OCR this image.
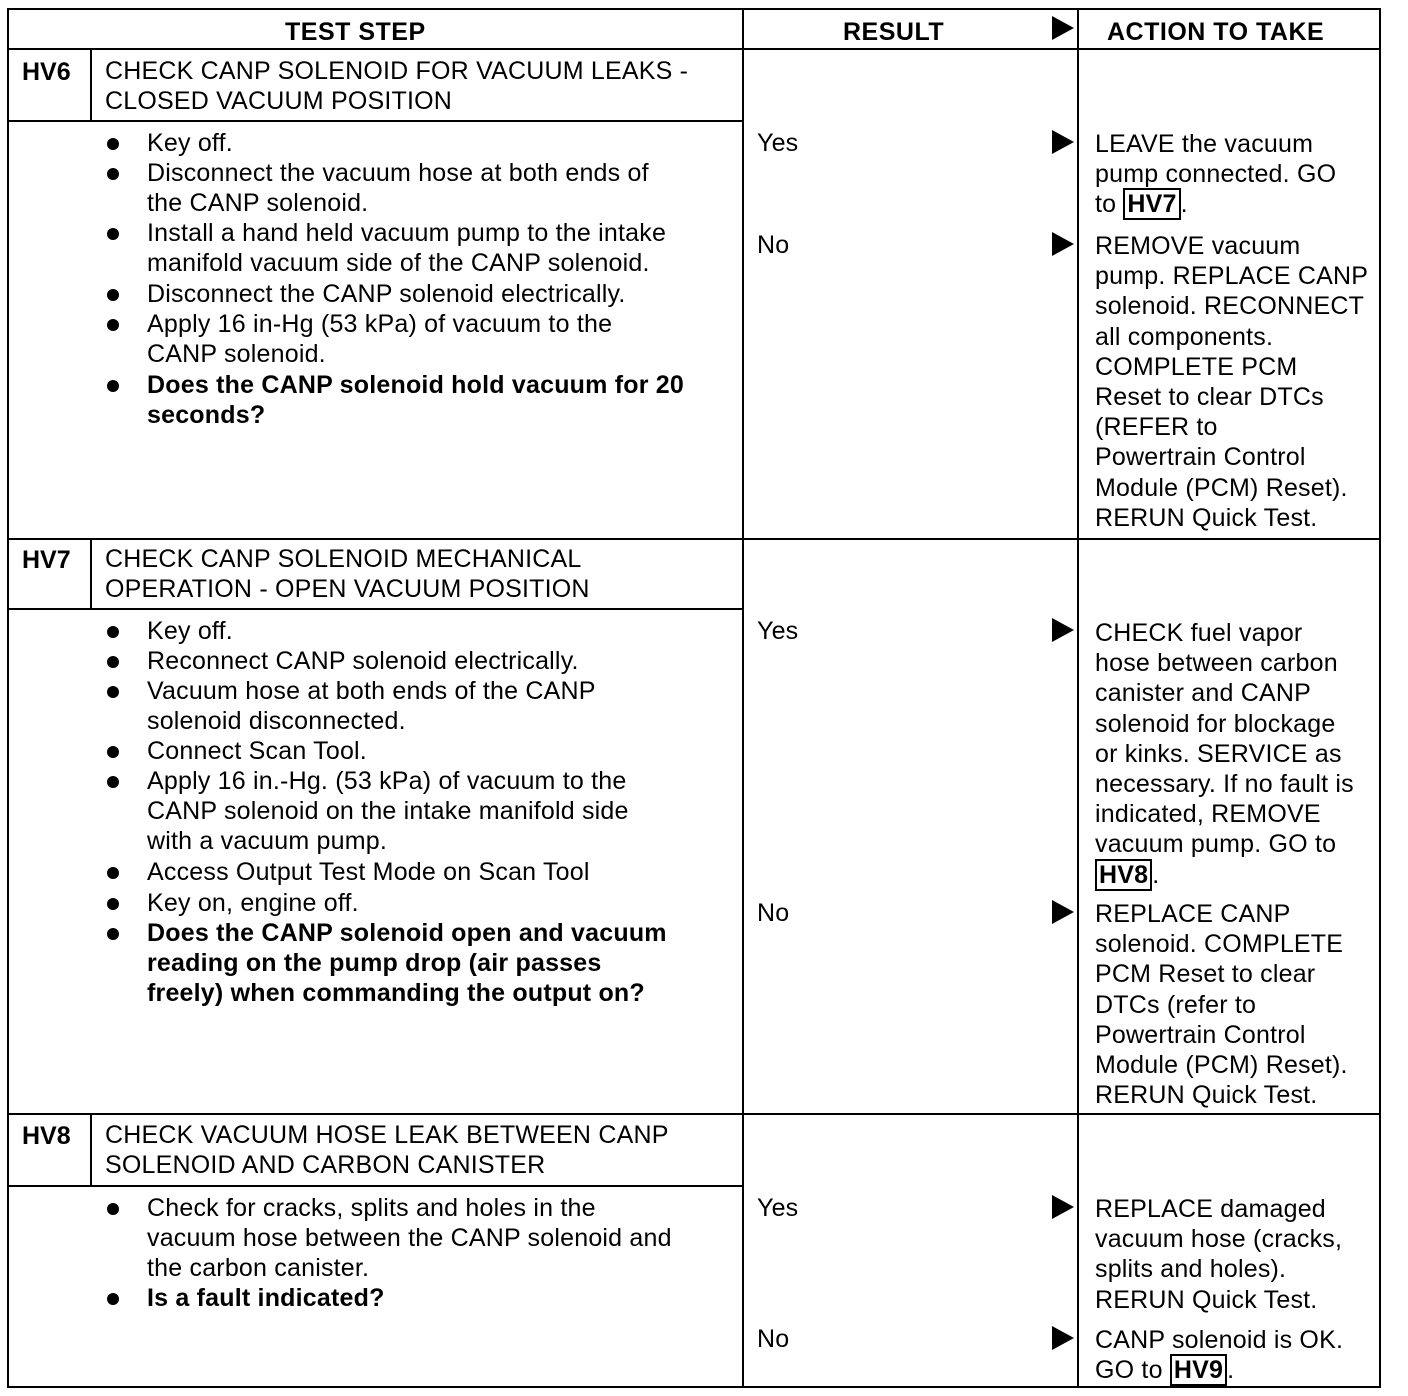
TEST STEP	RESULT	ACTION TO TAKE
HV6 CHECK CANP SOLENOID FOR VACUUM LEAKS -
CLOSED VACUUM POSITION
Key off.
Disconnect the vacuum hose at both ends of
the CANP solenoid.
Install a hand held vacuum pump to the intake
manifold vacuum side of the CANP solenoid.
Disconnect the CANP solenoid electrically.
Apply 16 in-Hg (53 kPa) of vacuum to the
CANP solenoid.
Does the CANP solenoid hold vacuum for 20
seconds?
Yes	LEAVE the vacuum
pump connected. GO
to HV7 .
No	REMOVE vacuum
pump. REPLACE CANP
solenoid. RECONNECT
all components.
COMPLETE PCM
Reset to clear DTCs
(REFER to
Powertrain Control
Module (PCM) Reset).
RERUN Quick Test.
HV7 CHECK CANP SOLENOID MECHANICAL
OPERATION - OPEN VACUUM POSITION
Key off.
Reconnect CANP solenoid electrically.
Vacuum hose at both ends of the CANP
solenoid disconnected.
Connect Scan Tool.
Apply 16 in.-Hg. (53 kPa) of vacuum to the
CANP solenoid on the intake manifold side
with a vacuum pump.
Access Output Test Mode on Scan Tool
Key on, engine off.
Does the CANP solenoid open and vacuum
reading on the pump drop (air passes
freely) when commanding the output on?
Yes	CHECK fuel vapor
hose between carbon
canister and CANP
solenoid for blockage
or kinks. SERVICE as
necessary. If no fault is
indicated, REMOVE
vacuum pump. GO to
HV8 .
No	REPLACE CANP
solenoid. COMPLETE
PCM Reset to clear
DTCs (refer to
Powertrain Control
Module (PCM) Reset).
RERUN Quick Test.
HV8 CHECK VACUUM HOSE LEAK BETWEEN CANP
SOLENOID AND CARBON CANISTER
Check for cracks, splits and holes in the
vacuum hose between the CANP solenoid and
the carbon canister.
Is a fault indicated?
Yes	REPLACE damaged
vacuum hose (cracks,
splits and holes).
RERUN Quick Test.
No	CANP solenoid is OK.
GO to HV9 .
